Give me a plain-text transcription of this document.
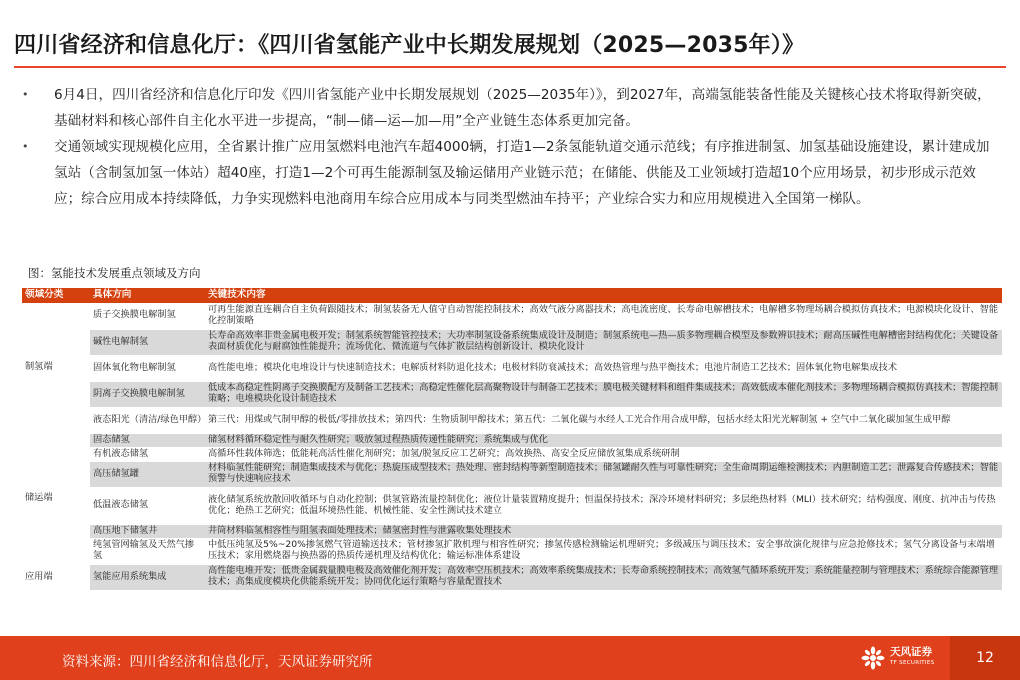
四川省经济和信息化厅：《四川省氢能产业中长期发展规划（2025—2035年）》
•	6月4日，四川省经济和信息化厅印发《四川省氢能产业中长期发展规划（2025—2035年）》，到2027年，高端氢能装备性能及关键核心技术将取得新突破，基础材料和核心部件自主化水平进一步提高，“制—储—运—加—用”全产业链生态体系更加完备。
•	交通领域实现规模化应用，全省累计推广应用氢燃料电池汽车超4000辆，打造1—2条氢能轨道交通示范线；有序推进制氢、加氢基础设施建设，累计建成加氢站（含制氢加氢一体站）超40座，打造1—2个可再生能源制氢及输运储用产业链示范；在储能、供能及工业领域打造超10个应用场景，初步形成示范效应；综合应用成本持续降低，力争实现燃料电池商用车综合应用成本与同类型燃油车持平；产业综合实力和应用规模进入全国第一梯队。
图：氢能技术发展重点领域及方向
领域分类	具体方向	关键技术内容
制氢端	质子交换膜电解制氢	可再生能源直连耦合自主负荷跟随技术；制氢装备无人值守自动智能控制技术；高效气液分离器技术；高电流密度、长寿命电解槽技术；电解槽多物理场耦合模拟仿真技术；电源模块化设计、智能化控制策略
	碱性电解制氢	长寿命高效率非贵金属电极开发；制氢系统智能管控技术；大功率制氢设备系统集成设计及制造；制氢系统电—热—质多物理耦合模型及参数辨识技术；耐高压碱性电解槽密封结构优化；关键设备表面材质优化与耐腐蚀性能提升；流场优化、微流道与气体扩散层结构创新设计、模块化设计
	固体氧化物电解制氢	高性能电堆；模块化电堆设计与快速制造技术；电解质材料防退化技术；电极材料防衰减技术；高效热管理与热平衡技术；电池片制造工艺技术；固体氧化物电解集成技术
	阴离子交换膜电解制氢	低成本高稳定性阴离子交换膜配方及制备工艺技术；高稳定性催化层高聚物设计与制备工艺技术；膜电极关键材料和组件集成技术；高效低成本催化剂技术；多物理场耦合模拟仿真技术；智能控制策略；电堆模块化设计制造技术
	液态阳光（清洁/绿色甲醇）	第三代：用煤或气制甲醇的极低/零排放技术；第四代：生物质制甲醇技术；第五代：二氧化碳与水经人工光合作用合成甲醇，包括水经太阳光光解制氢 + 空气中二氧化碳加氢生成甲醇
储运端	固态储氢	储氢材料循环稳定性与耐久性研究；吸放氢过程热质传递性能研究；系统集成与优化
	有机液态储氢	高循环性载体筛选；低能耗高活性催化剂研究；加氢/脱氢反应工艺研究；高效换热、高安全反应储放氢集成系统研制
	高压储氢罐	材料临氢性能研究；制造集成技术与优化；热旋压成型技术；热处理、密封结构等新型制造技术；储氢罐耐久性与可靠性研究；全生命周期运维检测技术；内胆制造工艺；泄露复合传感技术；智能预警与快速响应技术
	低温液态储氢	液化储氢系统放散回收循环与自动化控制；供氢管路流量控制优化；液位计量装置精度提升；恒温保持技术；深冷环境材料研究；多层绝热材料（MLI）技术研究；结构强度、刚度、抗冲击与传热优化；绝热工艺研究；低温环境热性能、机械性能、安全性测试技术建立
	高压地下储氢井	井筒材料临氢相容性与阻氢表面处理技术；储氢密封性与泄露收集处理技术
	纯氢管网输氢及天然气掺氢	中低压纯氢及5%~20%掺氢燃气管道输送技术；管材掺氢扩散机理与相容性研究；掺氢传感检测输运机理研究；多级减压与调压技术；安全事故演化规律与应急抢修技术；氢气分离设备与末端增压技术；家用燃烧器与换热器的热质传递机理及结构优化；输运标准体系建设
应用端	氢能应用系统集成	高性能电堆开发；低贵金属载量膜电极及高效催化剂开发；高效率空压机技术；高效率系统集成技术；长寿命系统控制技术；高效氢气循环系统开发；系统能量控制与管理技术；系统综合能源管理技术；高集成度模块化供能系统开发；协同优化运行策略与容量配置技术
资料来源：四川省经济和信息化厅，天风证券研究所
天风证券
TF SECURITIES	12
